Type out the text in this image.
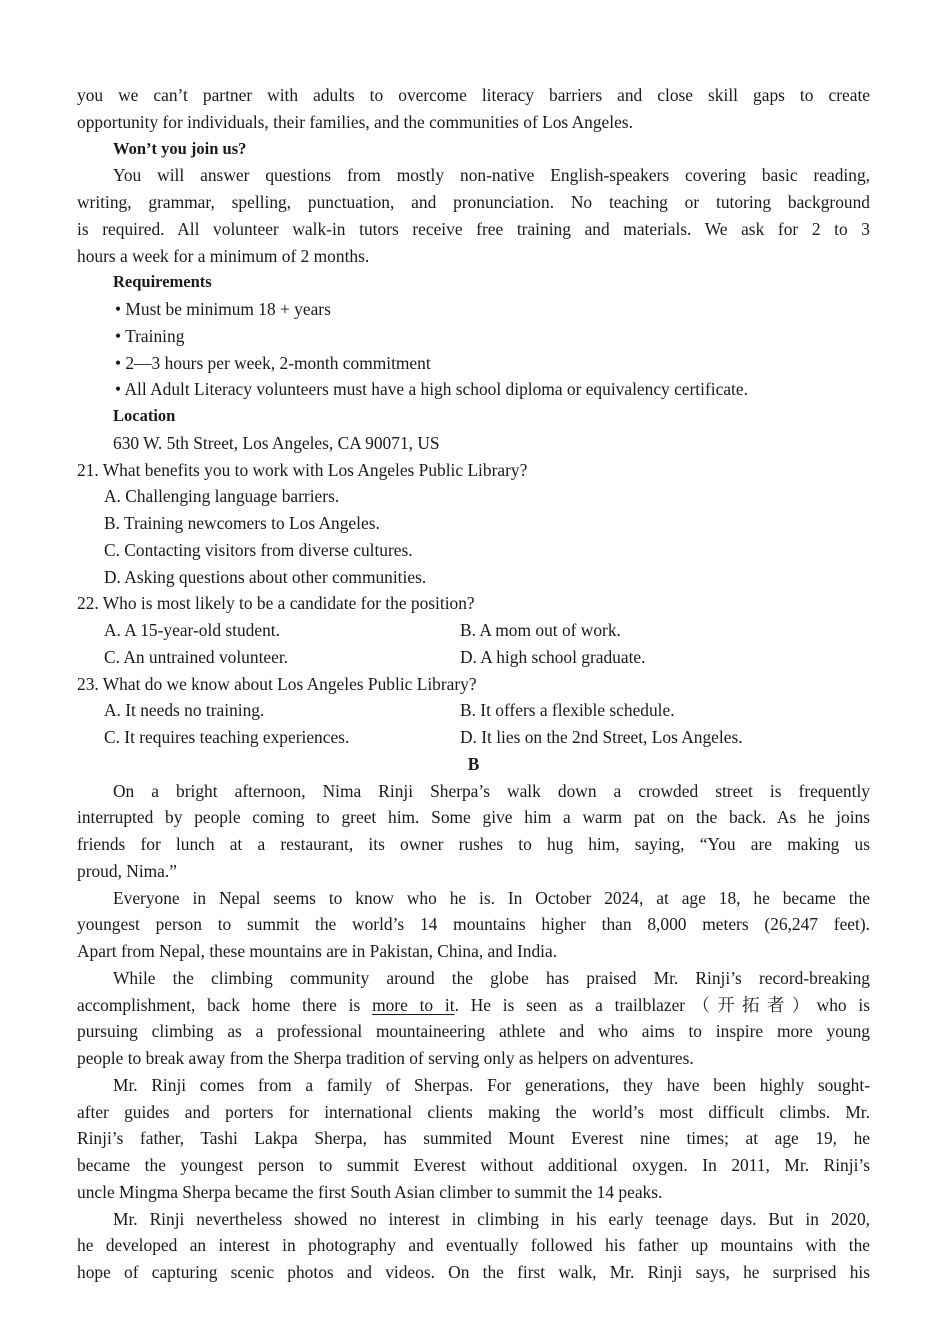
you we can’t partner with adults to overcome literacy barriers and close skill gaps to create
opportunity for individuals, their families, and the communities of Los Angeles.
Won’t you join us?
You will answer questions from mostly non-native English-speakers covering basic reading,
writing, grammar, spelling, punctuation, and pronunciation. No teaching or tutoring background
is required. All volunteer walk-in tutors receive free training and materials. We ask for 2 to 3
hours a week for a minimum of 2 months.
Requirements
• Must be minimum 18 + years
• Training
• 2—3 hours per week, 2-month commitment
• All Adult Literacy volunteers must have a high school diploma or equivalency certificate.
Location
630 W. 5th Street, Los Angeles, CA 90071, US
21. What benefits you to work with Los Angeles Public Library?
A. Challenging language barriers.
B. Training newcomers to Los Angeles.
C. Contacting visitors from diverse cultures.
D. Asking questions about other communities.
22. Who is most likely to be a candidate for the position?
A. A 15-year-old student.	B. A mom out of work.
C. An untrained volunteer.	D. A high school graduate.
23. What do we know about Los Angeles Public Library?
A. It needs no training.	B. It offers a flexible schedule.
C. It requires teaching experiences.	D. It lies on the 2nd Street, Los Angeles.
B
On a bright afternoon, Nima Rinji Sherpa’s walk down a crowded street is frequently
interrupted by people coming to greet him. Some give him a warm pat on the back. As he joins
friends for lunch at a restaurant, its owner rushes to hug him, saying, “You are making us
proud, Nima.”
Everyone in Nepal seems to know who he is. In October 2024, at age 18, he became the
youngest person to summit the world’s 14 mountains higher than 8,000 meters (26,247 feet).
Apart from Nepal, these mountains are in Pakistan, China, and India.
While the climbing community around the globe has praised Mr. Rinji’s record-breaking
accomplishment, back home there is more to it. He is seen as a trailblazer（开拓者）who is
pursuing climbing as a professional mountaineering athlete and who aims to inspire more young
people to break away from the Sherpa tradition of serving only as helpers on adventures.
Mr. Rinji comes from a family of Sherpas. For generations, they have been highly sought-
after guides and porters for international clients making the world’s most difficult climbs. Mr.
Rinji’s father, Tashi Lakpa Sherpa, has summited Mount Everest nine times; at age 19, he
became the youngest person to summit Everest without additional oxygen. In 2011, Mr. Rinji’s
uncle Mingma Sherpa became the first South Asian climber to summit the 14 peaks.
Mr. Rinji nevertheless showed no interest in climbing in his early teenage days. But in 2020,
he developed an interest in photography and eventually followed his father up mountains with the
hope of capturing scenic photos and videos. On the first walk, Mr. Rinji says, he surprised his
